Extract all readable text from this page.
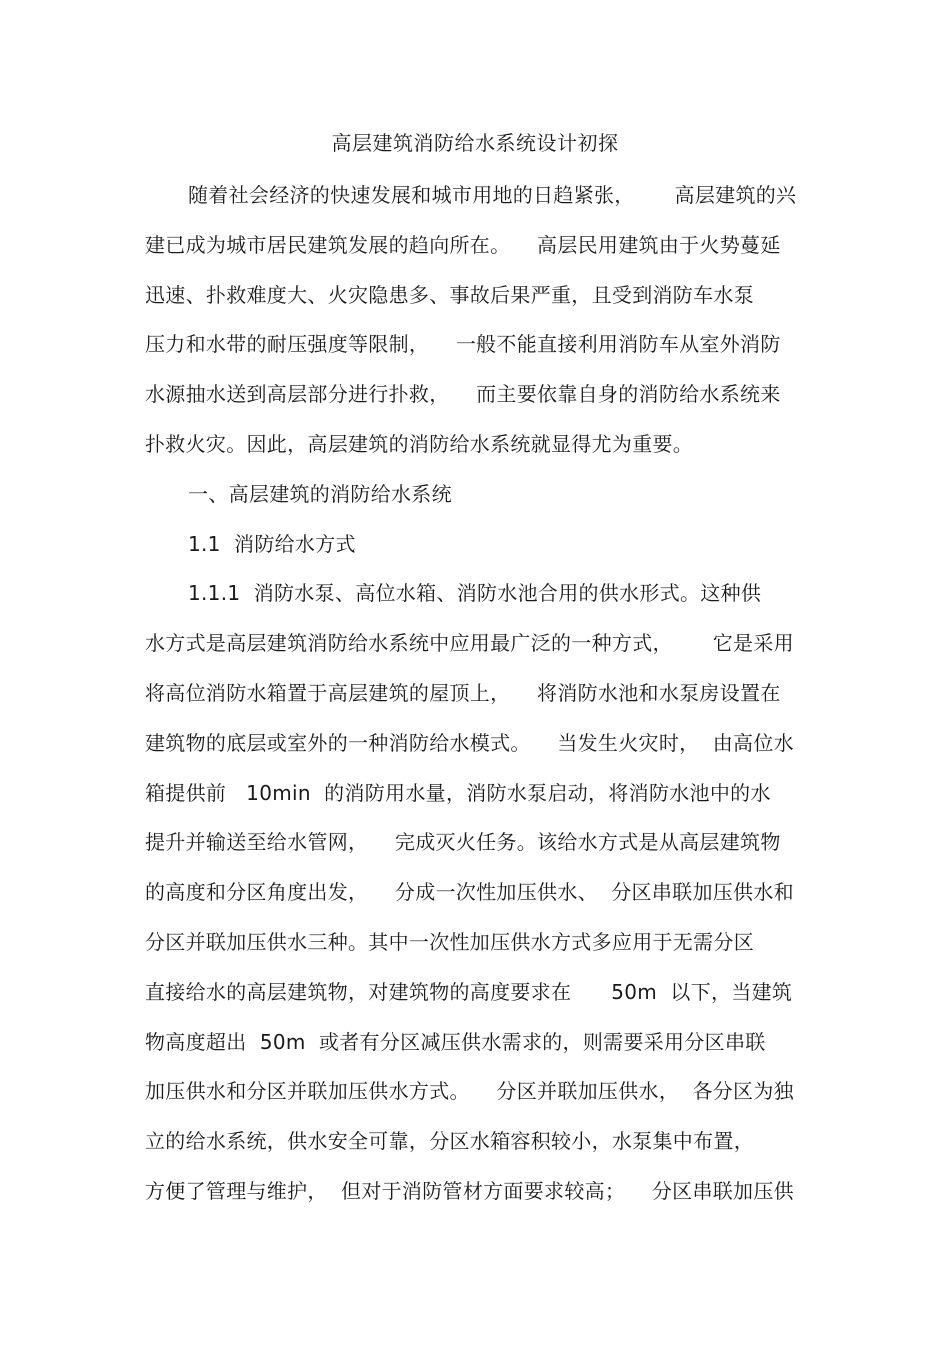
高层建筑消防给水系统设计初探
随着社会经济的快速发展和城市用地的日趋紧张，      高层建筑的兴
建已成为城市居民建筑发展的趋向所在。    高层民用建筑由于火势蔓延
迅速、扑救难度大、火灾隐患多、事故后果严重，且受到消防车水泵
压力和水带的耐压强度等限制，    一般不能直接利用消防车从室外消防
水源抽水送到高层部分进行扑救，    而主要依靠自身的消防给水系统来
扑救火灾。因此，高层建筑的消防给水系统就显得尤为重要。
一、高层建筑的消防给水系统
1.1  消防给水方式
1.1.1  消防水泵、高位水箱、消防水池合用的供水形式。这种供
水方式是高层建筑消防给水系统中应用最广泛的一种方式，      它是采用
将高位消防水箱置于高层建筑的屋顶上，    将消防水池和水泵房设置在
建筑物的底层或室外的一种消防给水模式。    当发生火灾时，  由高位水
箱提供前   10min  的消防用水量，消防水泵启动，将消防水池中的水
提升并输送至给水管网，    完成灭火任务。该给水方式是从高层建筑物
的高度和分区角度出发，    分成一次性加压供水、  分区串联加压供水和
分区并联加压供水三种。其中一次性加压供水方式多应用于无需分区
直接给水的高层建筑物，对建筑物的高度要求在      50m  以下，当建筑
物高度超出  50m  或者有分区减压供水需求的，则需要采用分区串联
加压供水和分区并联加压供水方式。    分区并联加压供水，  各分区为独
立的给水系统，供水安全可靠，分区水箱容积较小，水泵集中布置，
方便了管理与维护，  但对于消防管材方面要求较高；    分区串联加压供
